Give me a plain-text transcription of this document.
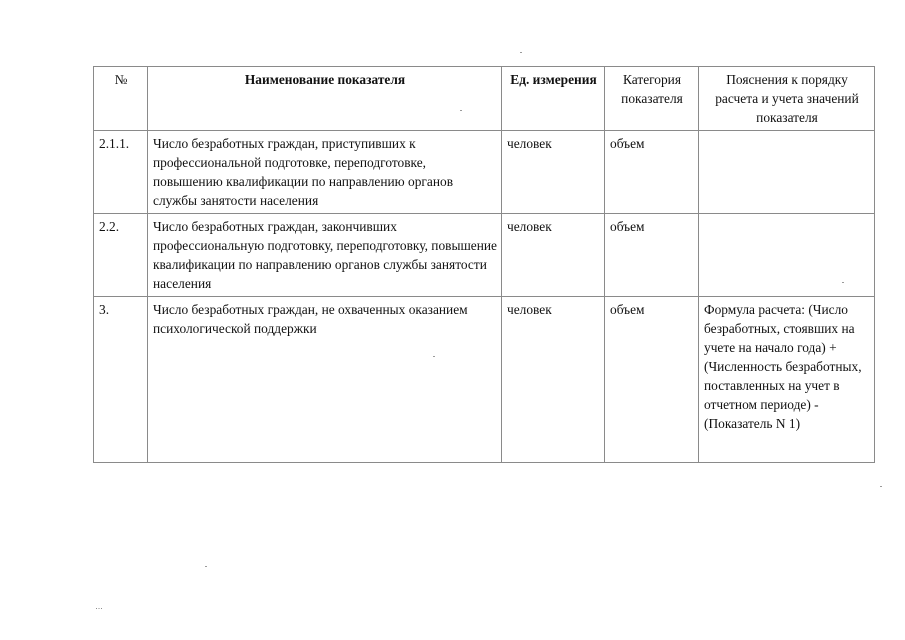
№	Наименование показателя	Ед. измерения	Категория показателя	Пояснения к порядку расчета и учета значений показателя
2.1.1.	Число безработных граждан, приступивших к профессиональной подготовке, переподготовке, повышению квалификации по направлению органов службы занятости населения	человек	объем	
2.2.	Число безработных граждан, закончивших профессиональную подготовку, переподготовку, повышение квалификации по направлению органов службы занятости населения	человек	объем	
3.	Число безработных граждан, не охваченных оказанием психологической поддержки	человек	объем	Формула расчета: (Число безработных, стоявших на учете на начало года) + (Численность безработных, поставленных на учет в отчетном периоде) - (Показатель N 1)
…
